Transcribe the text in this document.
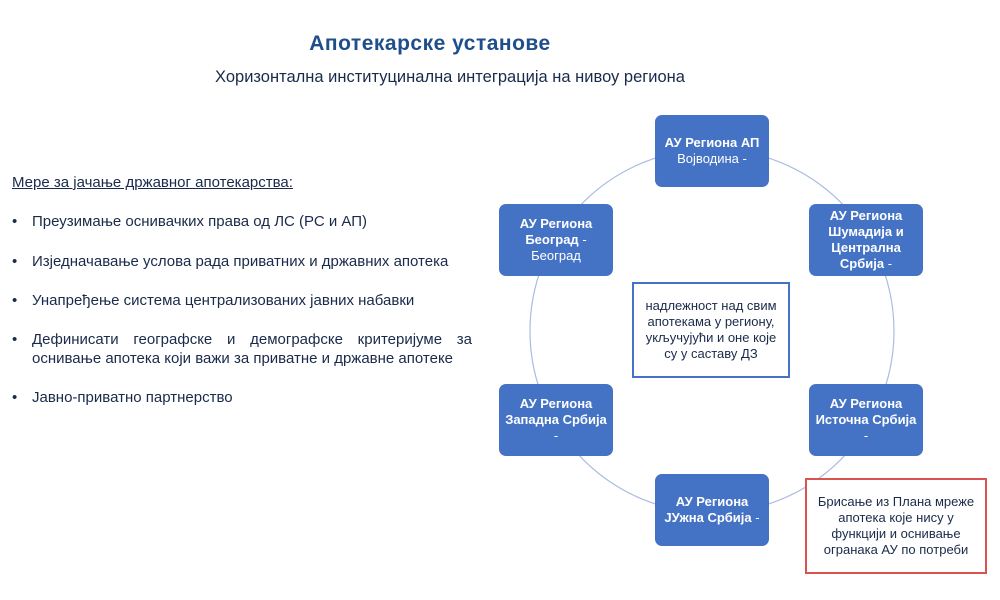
Апотекарске установе
Хоризонтална институцинална интеграција на нивоу региона
Мере за јачање државног апотекарства:
• Преузимање оснивачких права од ЛС (РС и АП)
• Изједначавање услова рада приватних и државних апотека
• Унапређење система централизованих јавних набавки
• Дефинисати географске и демографске критеријуме за оснивање апотека који важи за приватне и државне апотеке
• Јавно-приватно партнерство
АУ Регионa АП Војводина -
АУ Региона Шумадија и Централна Србија -
АУ Региона Источна Србија -
АУ Региона ЈУжна Србија -
АУ Региона Западна Србија -
АУ Региона Београд - Београд
надлежност над свим апотекама у региону, укључујући и оне које су у саставу ДЗ
Брисање из Плана мреже апотека које нису у функцији и оснивање огранака АУ по потреби
